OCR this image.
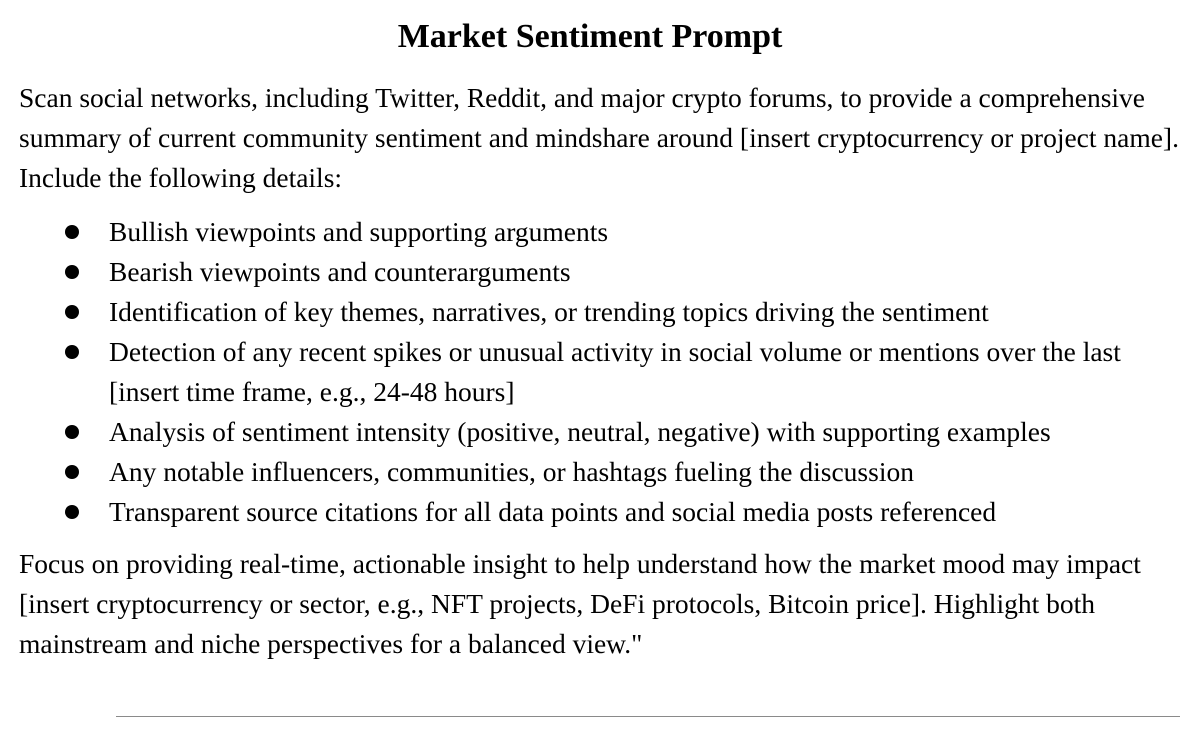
Market Sentiment Prompt

Scan social networks, including Twitter, Reddit, and major crypto forums, to provide a comprehensive summary of current community sentiment and mindshare around [insert cryptocurrency or project name]. Include the following details:

Bullish viewpoints and supporting arguments
Bearish viewpoints and counterarguments
Identification of key themes, narratives, or trending topics driving the sentiment
Detection of any recent spikes or unusual activity in social volume or mentions over the last [insert time frame, e.g., 24-48 hours]
Analysis of sentiment intensity (positive, neutral, negative) with supporting examples
Any notable influencers, communities, or hashtags fueling the discussion
Transparent source citations for all data points and social media posts referenced

Focus on providing real-time, actionable insight to help understand how the market mood may impact [insert cryptocurrency or sector, e.g., NFT projects, DeFi protocols, Bitcoin price]. Highlight both mainstream and niche perspectives for a balanced view."
